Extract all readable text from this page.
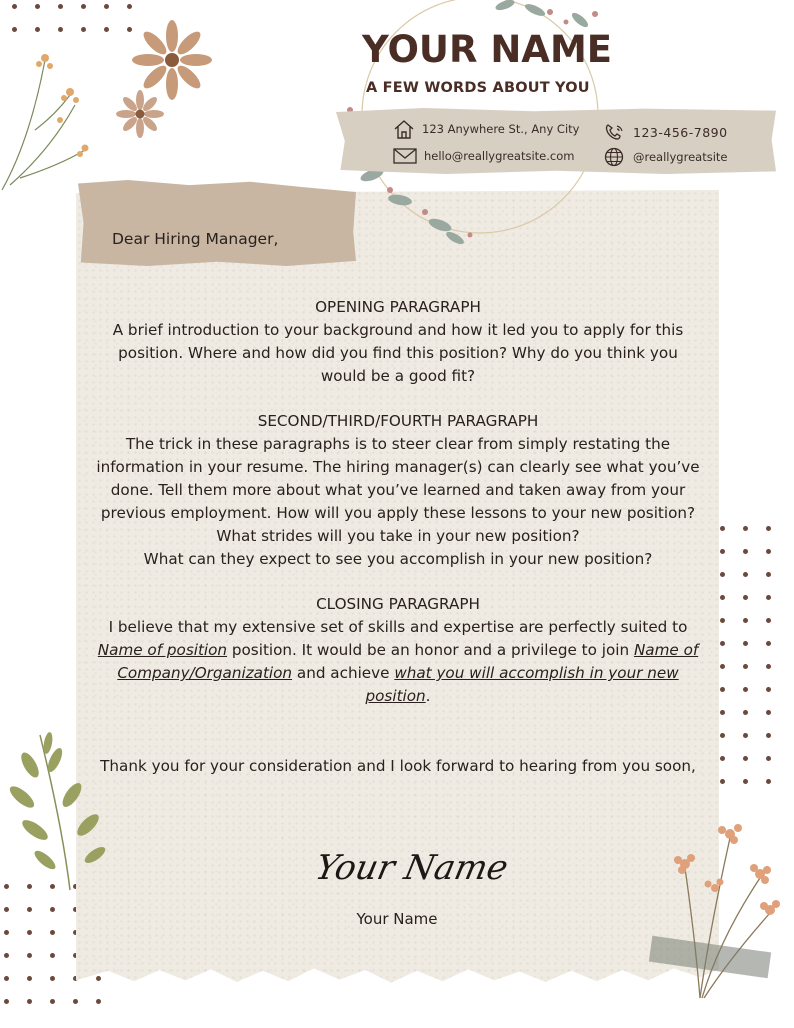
YOUR NAME
A FEW WORDS ABOUT YOU
123 Anywhere St., Any City	123-456-7890
hello@reallygreatsite.com	@reallygreatsite
Dear Hiring Manager,

OPENING PARAGRAPH

A brief introduction to your background and how it led you to apply for this position. Where and how did you find this position? Why do you think you would be a good fit?

SECOND/THIRD/FOURTH PARAGRAPH

The trick in these paragraphs is to steer clear from simply restating the information in your resume. The hiring manager(s) can clearly see what you’ve done. Tell them more about what you’ve learned and taken away from your previous employment. How will you apply these lessons to your new position?

What strides will you take in your new position?

What can they expect to see you accomplish in your new position?

CLOSING PARAGRAPH

I believe that my extensive set of skills and expertise are perfectly suited to Name of position position. It would be an honor and a privilege to join Name of Company/Organization and achieve what you will accomplish in your new position.

Thank you for your consideration and I look forward to hearing from you soon,

Your Name
Your Name
